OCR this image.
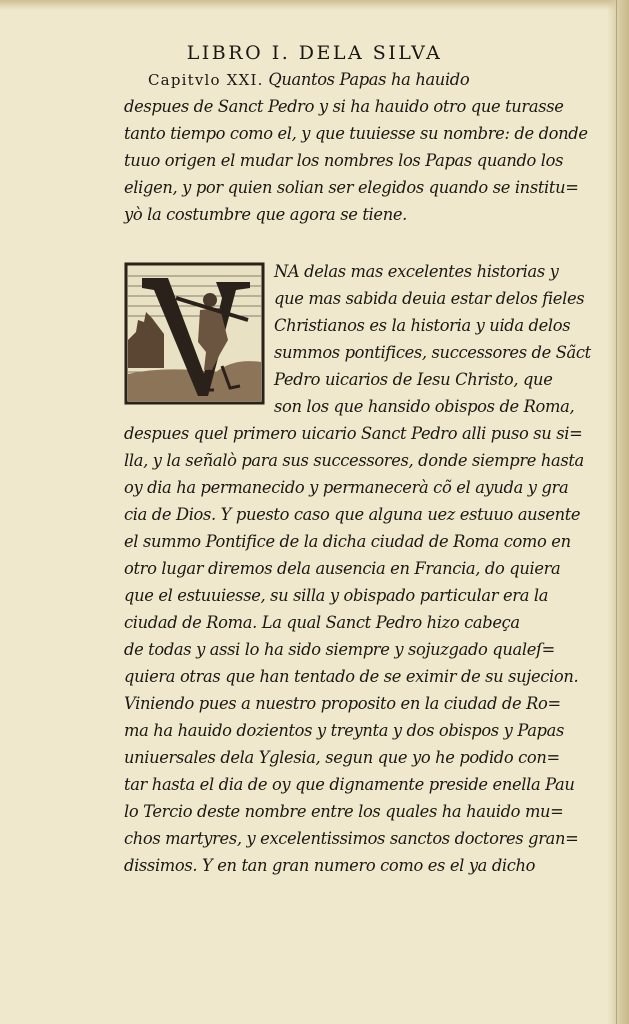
LIBRO I. DELA SILVA
Capitvlo XXI. Quantos Papas ha hauido
despues de Sanct Pedro y si ha hauido otro que turasse
tanto tiempo como el, y que tuuiesse su nombre: de donde
tuuo origen el mudar los nombres los Papas quando los
eligen, y por quien solian ser elegidos quando se institu=
yò la costumbre que agora se tiene.
NA delas mas excelentes historias y
que mas sabida deuia estar delos fieles
Christianos es la historia y uida delos
summos pontifices, successores de Sãct
Pedro uicarios de Iesu Christo, que
son los que hansido obispos de Roma,
despues quel primero uicario Sanct Pedro alli puso su si=
lla, y la señalò para sus successores, donde siempre hasta
oy dia ha permanecido y permanecerà cõ el ayuda y gra
cia de Dios. Y puesto caso que alguna uez estuuo ausente
el summo Pontifice de la dicha ciudad de Roma como en
otro lugar diremos dela ausencia en Francia, do quiera
que el estuuiesse, su silla y obispado particular era la
ciudad de Roma. La qual Sanct Pedro hizo cabeça
de todas y assi lo ha sido siempre y sojuzgado qualeſ=
quiera otras que han tentado de se eximir de su sujecion.
Viniendo pues a nuestro proposito en la ciudad de Ro=
ma ha hauido dozientos y treynta y dos obispos y Papas
uniuersales dela Yglesia, segun que yo he podido con=
tar hasta el dia de oy que dignamente preside enella Pau
lo Tercio deste nombre entre los quales ha hauido mu=
chos martyres, y excelentissimos sanctos doctores gran=
dissimos. Y en tan gran numero como es el ya dicho
